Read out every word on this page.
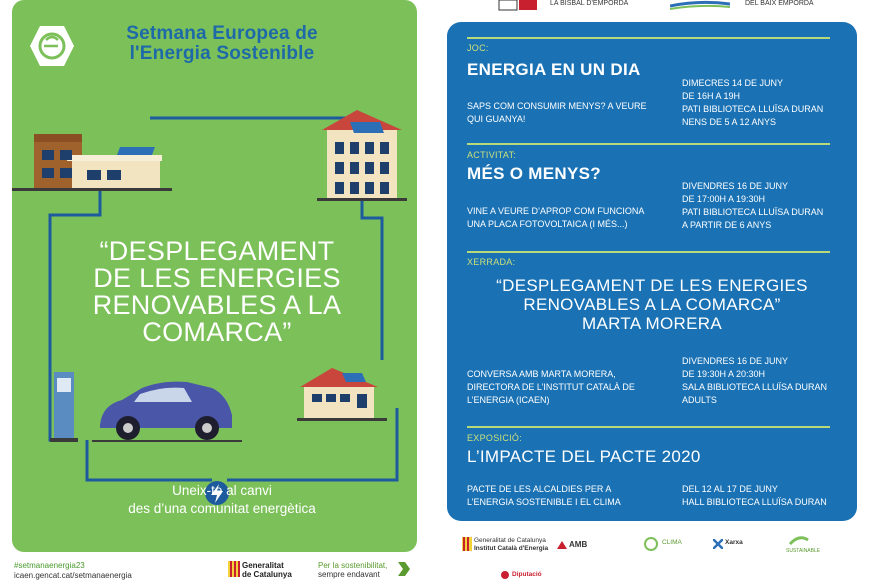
Setmana Europea de
l'Energia Sostenible
“DESPLEGAMENT
DE LES ENERGIES
RENOVABLES A LA
COMARCA”
Uneix-te al canvi
des d’una comunitat energètica
#setmanaenergia23
icaen.gencat.cat/setmanaenergia
Generalitat
de Catalunya
Per la sostenibilitat,
sempre endavant
LA BISBAL D’EMPORDÀ	DEL BAIX EMPORDÀ
JOC:
ENERGIA EN UN DIA
SAPS COM CONSUMIR MENYS? A VEURE
QUI GUANYA!
DIMECRES 14 DE JUNY
DE 16H A 19H
PATI BIBLIOTECA LLUÏSA DURAN
NENS DE 5 A 12 ANYS
ACTIVITAT:
MÉS O MENYS?
VINE A VEURE D’APROP COM FUNCIONA
UNA PLACA FOTOVOLTAICA (I MÉS...)
DIVENDRES 16 DE JUNY
DE 17:00H A 19:30H
PATI BIBLIOTECA LLUÏSA DURAN
A PARTIR DE 6 ANYS
XERRADA:
“DESPLEGAMENT DE LES ENERGIES
RENOVABLES A LA COMARCA”
MARTA MORERA
CONVERSA AMB MARTA MORERA,
DIRECTORA DE L’INSTITUT CATALÀ DE
L’ENERGIA (ICAEN)
DIVENDRES 16 DE JUNY
DE 19:30H A 20:30H
SALA BIBLIOTECA LLUÏSA DURAN
ADULTS
EXPOSICIÓ:
L’IMPACTE DEL PACTE 2020
PACTE DE LES ALCALDIES PER A
L’ENERGIA SOSTENIBLE I EL CLIMA
DEL 12 AL 17 DE JUNY
HALL BIBLIOTECA LLUÏSA DURAN
Generalitat de Catalunya
Institut Català d'Energia	AMB	CLIMA	Xarxa
SUSTAINABLE
Diputació
